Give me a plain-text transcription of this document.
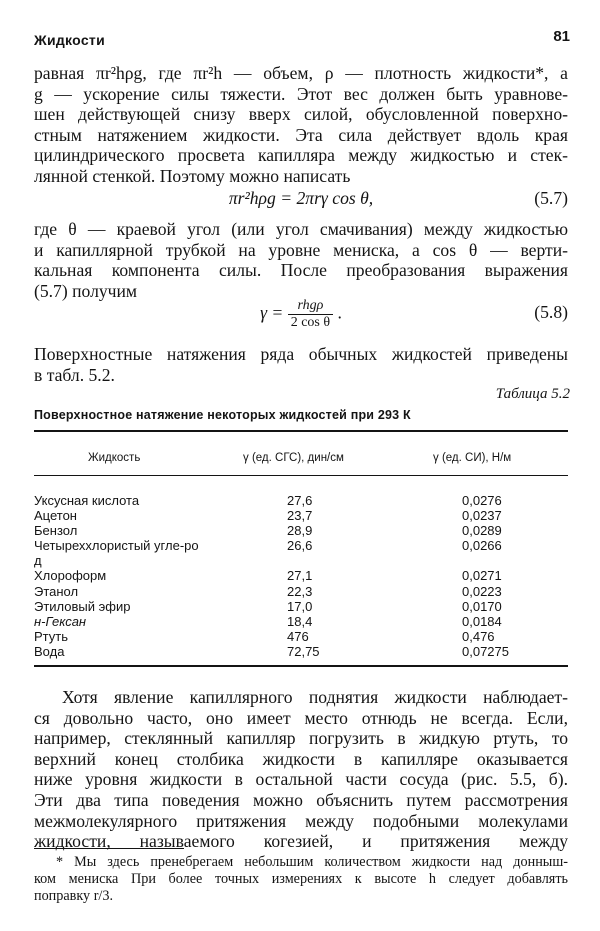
Жидкости	81
равная πr²hρg, где πr²h — объем, ρ — плотность жидкости*, а
g — ускорение силы тяжести. Этот вес должен быть уравнове-
шен действующей снизу вверх силой, обусловленной поверхно-
стным натяжением жидкости. Эта сила действует вдоль края
цилиндрического просвета капилляра между жидкостью и стек-
лянной стенкой. Поэтому можно написать
πr²hρg = 2πrγ cos θ,	(5.7)
где θ — краевой угол (или угол смачивания) между жидкостью
и капиллярной трубкой на уровне мениска, а cos θ — верти-
кальная компонента силы. После преобразования выражения
(5.7) получим
$\gamma = \frac{\text{rhgρ}}{\text{2 cos θ}}$ .	(5.8)
Поверхностные натяжения ряда обычных жидкостей приведены
в табл. 5.2.
Таблица 5.2
Поверхностное натяжение некоторых жидкостей при 293 К
Жидкость	γ (ед. СГС), дин/см	γ (ед. СИ), Н/м
Уксусная кислота	27,6	0,0276
Ацетон	23,7	0,0237
Бензол	28,9	0,0289
Четыреххлористый угле-род
26,6	0,0266
Хлороформ	27,1	0,0271
Этанол	22,3	0,0223
Этиловый эфир	17,0	0,0170
н-Гексан	18,4	0,0184
Ртуть	476	0,476
Вода	72,75	0,07275
Хотя явление капиллярного поднятия жидкости наблюдает-
ся довольно часто, оно имеет место отнюдь не всегда. Если,
например, стеклянный капилляр погрузить в жидкую ртуть, то
верхний конец столбика жидкости в капилляре оказывается
ниже уровня жидкости в остальной части сосуда (рис. 5.5, б).
Эти два типа поведения можно объяснить путем рассмотрения
межмолекулярного притяжения между подобными молекулами
жидкости, называемого когезией, и притяжения между
* Мы здесь пренебрегаем небольшим количеством жидкости над донныш-
ком мениска При более точных измерениях к высоте h следует добавлять
поправку r/3.
